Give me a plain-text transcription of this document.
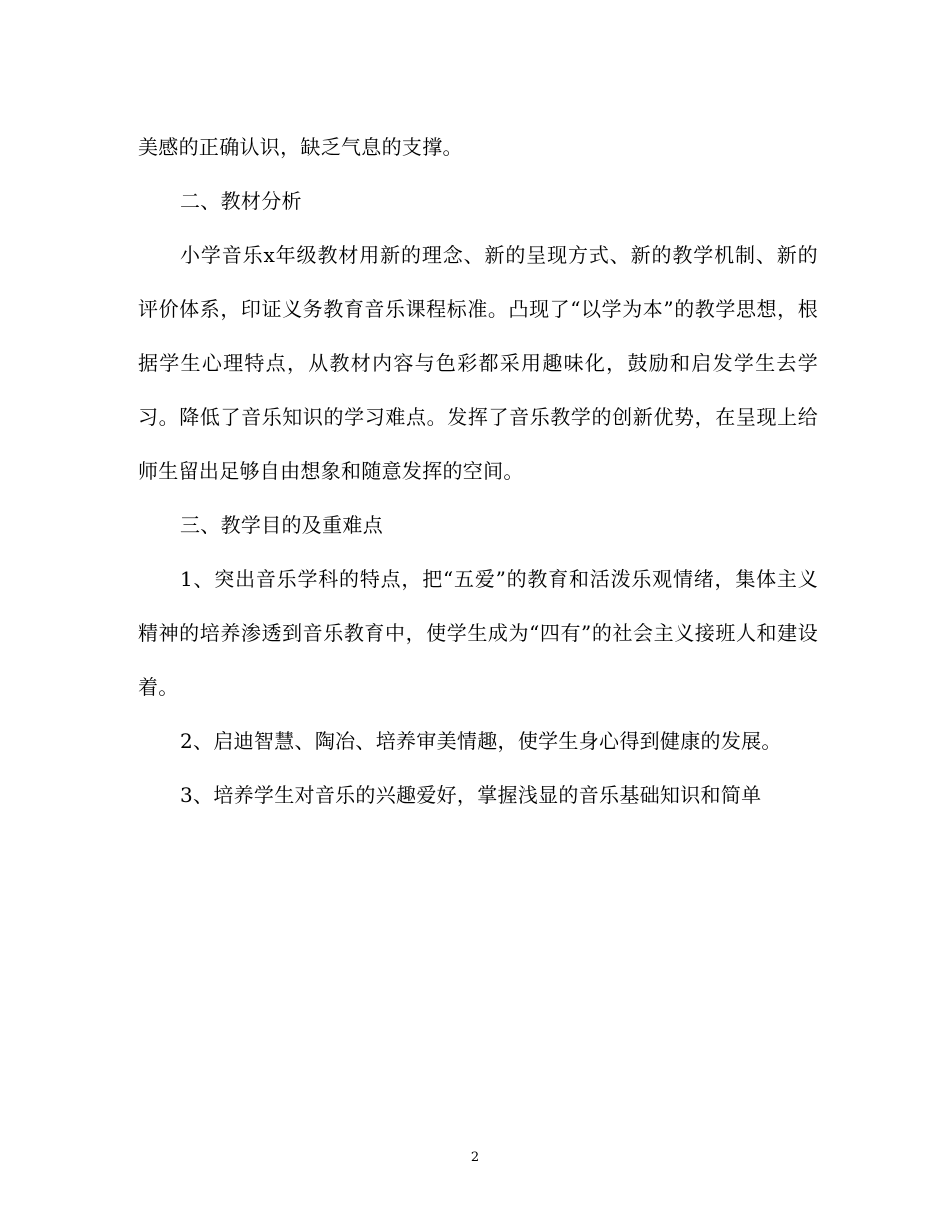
美感的正确认识，缺乏气息的支撑。

二、教材分析

小学音乐x年级教材用新的理念、新的呈现方式、新的教学机制、新的评价体系，印证义务教育音乐课程标准。凸现了“以学为本”的教学思想，根据学生心理特点，从教材内容与色彩都采用趣味化，鼓励和启发学生去学习。降低了音乐知识的学习难点。发挥了音乐教学的创新优势，在呈现上给师生留出足够自由想象和随意发挥的空间。

三、教学目的及重难点

1、突出音乐学科的特点，把“五爱”的教育和活泼乐观情绪，集体主义精神的培养渗透到音乐教育中，使学生成为“四有”的社会主义接班人和建设着。

2、启迪智慧、陶冶、培养审美情趣，使学生身心得到健康的发展。

3、培养学生对音乐的兴趣爱好，掌握浅显的音乐基础知识和简单

2
